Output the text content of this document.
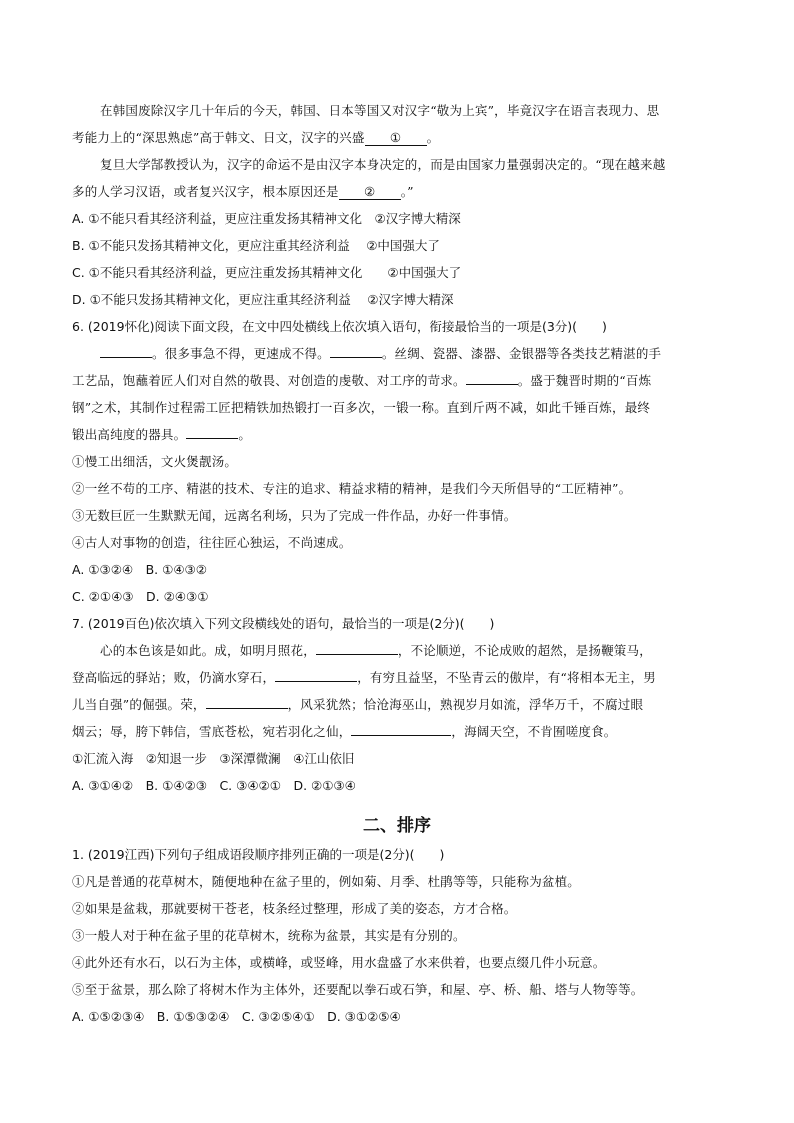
在韩国废除汉字几十年后的今天，韩国、日本等国又对汉字“敬为上宾”，毕竟汉字在语言表现力、思
考能力上的“深思熟虑”高于韩文、日文，汉字的兴盛 ① 。
复旦大学郜教授认为，汉字的命运不是由汉字本身决定的，而是由国家力量强弱决定的。“现在越来越
多的人学习汉语，或者复兴汉字，根本原因还是 ② 。”
A. ①不能只看其经济利益，更应注重发扬其精神文化　②汉字博大精深
B. ①不能只发扬其精神文化，更应注重其经济利益　 ②中国强大了
C. ①不能只看其经济利益，更应注重发扬其精神文化　　②中国强大了
D. ①不能只发扬其精神文化，更应注重其经济利益　 ②汉字博大精深
6. (2019怀化)阅读下面文段，在文中四处横线上依次填入语句，衔接最恰当的一项是(3分)(　　)
。很多事急不得，更速成不得。	。丝绸、瓷器、漆器、金银器等各类技艺精湛的手
工艺品，饱蘸着匠人们对自然的敬畏、对创造的虔敬、对工序的苛求。	。盛于魏晋时期的“百炼
钢”之术，其制作过程需工匠把精铁加热锻打一百多次，一锻一称。直到斤两不减，如此千锤百炼，最终
锻出高纯度的器具。	。
①慢工出细活，文火煲靓汤。
②一丝不苟的工序、精湛的技术、专注的追求、精益求精的精神，是我们今天所倡导的“工匠精神”。
③无数巨匠一生默默无闻，远离名利场，只为了完成一件作品，办好一件事情。
④古人对事物的创造，往往匠心独运，不尚速成。
A. ①③②④　B. ①④③②
C. ②①④③　D. ②④③①
7. (2019百色)依次填入下列文段横线处的语句，最恰当的一项是(2分)(　　)
心的本色该是如此。成，如明月照花，	，不论顺逆，不论成败的超然，是扬鞭策马，
登高临远的驿站；败，仍滴水穿石，	，有穷且益坚，不坠青云的傲岸，有“将相本无主，男
儿当自强”的倔强。荣，	，风采犹然；恰沧海巫山，熟视岁月如流，浮华万千，不腐过眼
烟云；辱，胯下韩信，雪底苍松，宛若羽化之仙，	，海阔天空，不肯囿嗟度食。
①汇流入海　②知退一步　③深潭微澜　④江山依旧
A. ③①④②　B. ①④②③　C. ③④②①　D. ②①③④
二、排序
1. (2019江西)下列句子组成语段顺序排列正确的一项是(2分)(　　)
①凡是普通的花草树木，随便地种在盆子里的，例如菊、月季、杜鹃等等，只能称为盆植。
②如果是盆栽，那就要树干苍老，枝条经过整理，形成了美的姿态，方才合格。
③一般人对于种在盆子里的花草树木，统称为盆景，其实是有分别的。
④此外还有水石，以石为主体，或横峰，或竖峰，用水盘盛了水来供着，也要点缀几件小玩意。
⑤至于盆景，那么除了将树木作为主体外，还要配以拳石或石笋，和屋、亭、桥、船、塔与人物等等。
A. ①⑤②③④　B. ①⑤③②④　C. ③②⑤④①　D. ③①②⑤④
